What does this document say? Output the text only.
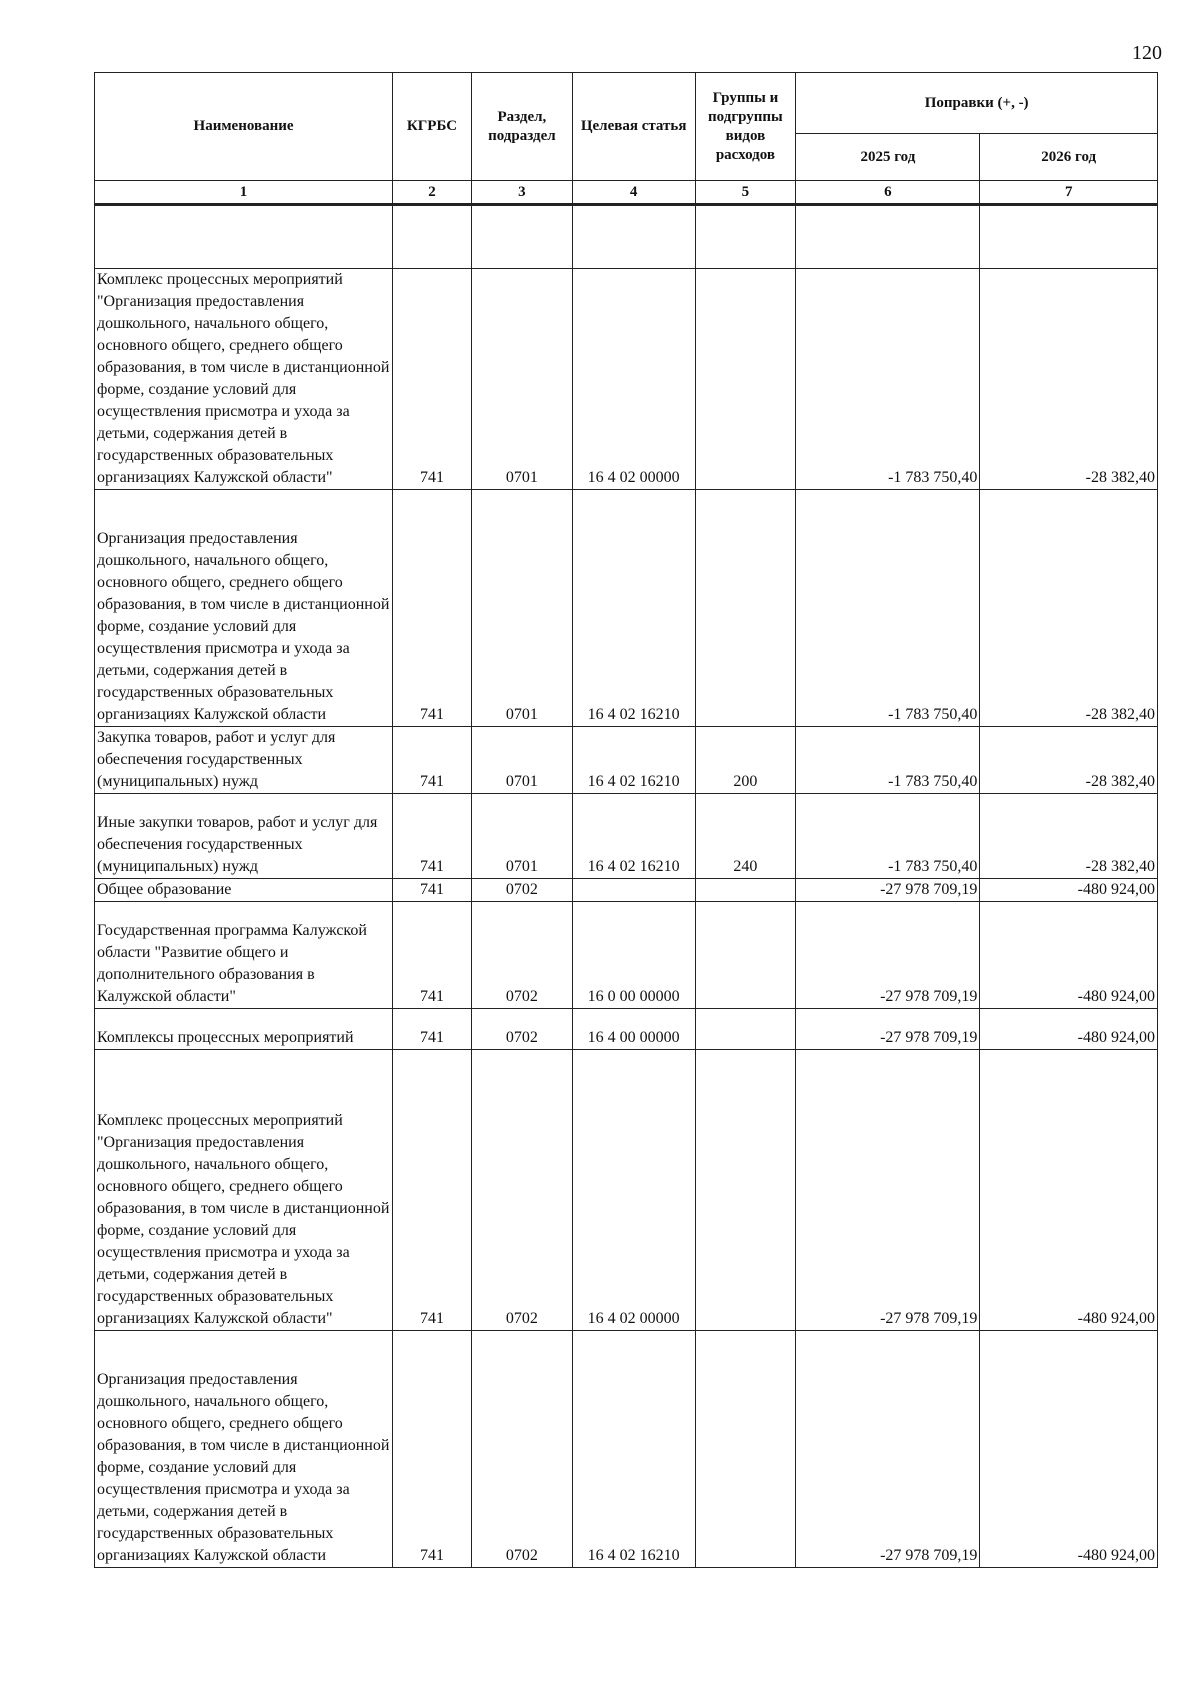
120
Наименование	КГРБС	Раздел, подраздел	Целевая статья	Группы и подгруппы видов расходов	Поправки (+, -)	
					2025 год	2026 год
1	2	3	4	5	6	7

Комплекс процессных мероприятий "Организация предоставления дошкольного, начального общего, основного общего, среднего общего образования, в том числе в дистанционной форме, создание условий для осуществления присмотра и ухода за детьми, содержания детей в государственных образовательных организациях Калужской области"	741	0701	16 4 02 00000		-1 783 750,40	-28 382,40
Организация предоставления дошкольного, начального общего, основного общего, среднего общего образования, в том числе в дистанционной форме, создание условий для осуществления присмотра и ухода за детьми, содержания детей в государственных образовательных организациях Калужской области	741	0701	16 4 02 16210		-1 783 750,40	-28 382,40
Закупка товаров, работ и услуг для обеспечения государственных (муниципальных) нужд	741	0701	16 4 02 16210	200	-1 783 750,40	-28 382,40
Иные закупки товаров, работ и услуг для обеспечения государственных (муниципальных) нужд	741	0701	16 4 02 16210	240	-1 783 750,40	-28 382,40
Общее образование	741	0702			-27 978 709,19	-480 924,00
Государственная программа Калужской области "Развитие общего и дополнительного образования в Калужской области"	741	0702	16 0 00 00000		-27 978 709,19	-480 924,00
Комплексы процессных мероприятий	741	0702	16 4 00 00000		-27 978 709,19	-480 924,00
Комплекс процессных мероприятий "Организация предоставления дошкольного, начального общего, основного общего, среднего общего образования, в том числе в дистанционной форме, создание условий для осуществления присмотра и ухода за детьми, содержания детей в государственных образовательных организациях Калужской области"	741	0702	16 4 02 00000		-27 978 709,19	-480 924,00
Организация предоставления дошкольного, начального общего, основного общего, среднего общего образования, в том числе в дистанционной форме, создание условий для осуществления присмотра и ухода за детьми, содержания детей в государственных образовательных организациях Калужской области	741	0702	16 4 02 16210		-27 978 709,19	-480 924,00
